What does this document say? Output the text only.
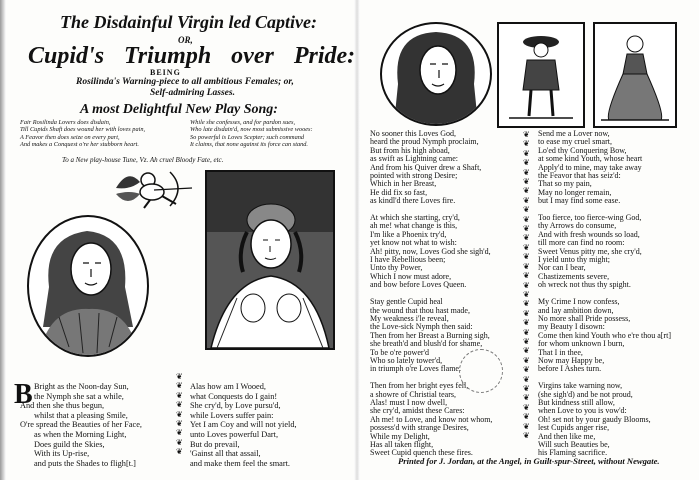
The Disdainful Virgin led Captive:
OR,
Cupid's Triumph over Pride:
BEING
Rosilinda's Warning-piece to all ambitious Females; or,
Self-admiring Lasses.
A most Delightful New Play Song:
Fair Rosilinda Lovers does disdain,
Till Cupids Shaft does wound her with loves pain,
A Feavor then does seize on every part,
And makes a Conquest o're her stubborn heart.
While she confesses, and for pardon sues,
Who late disdain'd, now most submissive wooes:
So powerful is Loves Scepter; such command
It claims, that none against its force can stand.
To a New play-house Tune, Vz. Ah cruel Bloody Fate, etc.
❦
❦
❦
❦
❦
❦
❦
❦
❦
❦
❦
❦
❦
❦
❦
❦
❦
❦
❦
❦
❦
❦
❦
❦
❦
❦
❦
❦
❦
❦
❦
❦
❦
❦
❦
❦
❦
❦
❦
❦
❦
❦
B Bright as the Noon-day Sun,
the Nymph she sat a while,
And then she thus begun,
whilst that a pleasing Smile,
O're spread the Beauties of her Face,
as when the Morning Light,
Does guild the Skies,
With its Up-rise,
and puts the Shades to fligh[t.]
Alas how am I Wooed,
what Conquests do I gain!
She cry'd, by Love pursu'd,
while Lovers suffer pain:
Yet I am Coy and will not yield,
unto Loves powerful Dart,
But do prevail,
'Gainst all that assail,
and make them feel the smart.
No sooner this Loves God,
heard the proud Nymph proclaim,
But from his high aboad,
as swift as Lightning came:
And from his Quiver drew a Shaft,
pointed with strong Desire;
Which in her Breast,
He did fix so fast,
as kindl'd there Loves fire.
At which she starting, cry'd,
ah me! what change is this,
I'm like a Phoenix try'd,
yet know not what to wish:
Ah! pitty, now, Loves God she sigh'd,
I have Rebellious been;
Unto thy Power,
Which I now must adore,
and bow before Loves Queen.
Stay gentle Cupid heal
the wound that thou hast made,
My weakness i'le reveal,
the Love-sick Nymph then said:
Then from her Breast a Burning sigh,
she breath'd and blush'd for shame,
To be o're power'd
Who so lately tower'd,
in triumph o're Loves flame.
Then from her bright eyes fell,
a showre of Christial tears,
Alas! must I now dwell,
she cry'd, amidst these Cares:
Ah me! to Love, and know not whom,
possess'd with strange Desires,
While my Delight,
Has all taken flight,
Sweet Cupid quench these fires.
Send me a Lover now,
to ease my cruel smart,
Lo'ed thy Conquering Bow,
at some kind Youth, whose heart
Apply'd to mine, may take away
the Feavor that has seiz'd:
That so my pain,
May no longer remain,
but I may find some ease.
Too fierce, too fierce-wing God,
thy Arrows do consume,
And with fresh wounds so load,
till more can find no room:
Sweet Venus pitty me, she cry'd,
I yield unto thy might;
Nor can I bear,
Chastizements severe,
oh wreck not thus thy spight.
My Crime I now confess,
and lay ambition down,
No more shall Pride possess,
my Beauty I disown:
Come then kind Youth who e're thou a[rt]
for whom unknown I burn,
That I in thee,
Now may Happy be,
before I Ashes turn.
Virgins take warning now,
(she sigh'd) and be not proud,
But kindness still allow,
when Love to you is vow'd:
Oh! set not by your gaudy Blooms,
lest Cupids anger rise,
And then like me,
Will such Beauties be,
his Flaming sacrifice.
Printed for J. Jordan, at the Angel, in Guilt-spur-Street, without Newgate.
